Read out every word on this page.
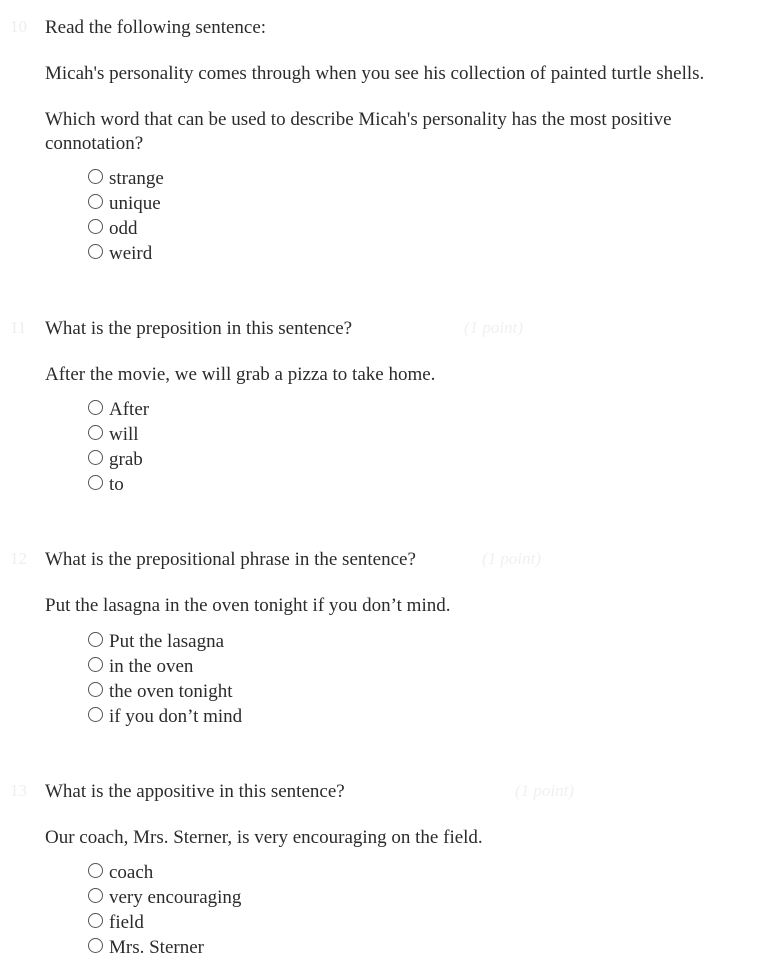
10 Read the following sentence:
Micah's personality comes through when you see his collection of painted turtle shells.
Which word that can be used to describe Micah's personality has the most positive connotation?
strange
unique
odd
weird
11 What is the preposition in this sentence?	(1 point)
After the movie, we will grab a pizza to take home.
After
will
grab
to
12 What is the prepositional phrase in the sentence?	(1 point)
Put the lasagna in the oven tonight if you don’t mind.
Put the lasagna
in the oven
the oven tonight
if you don’t mind
13 What is the appositive in this sentence?	(1 point)
Our coach, Mrs. Sterner, is very encouraging on the field.
coach
very encouraging
field
Mrs. Sterner
